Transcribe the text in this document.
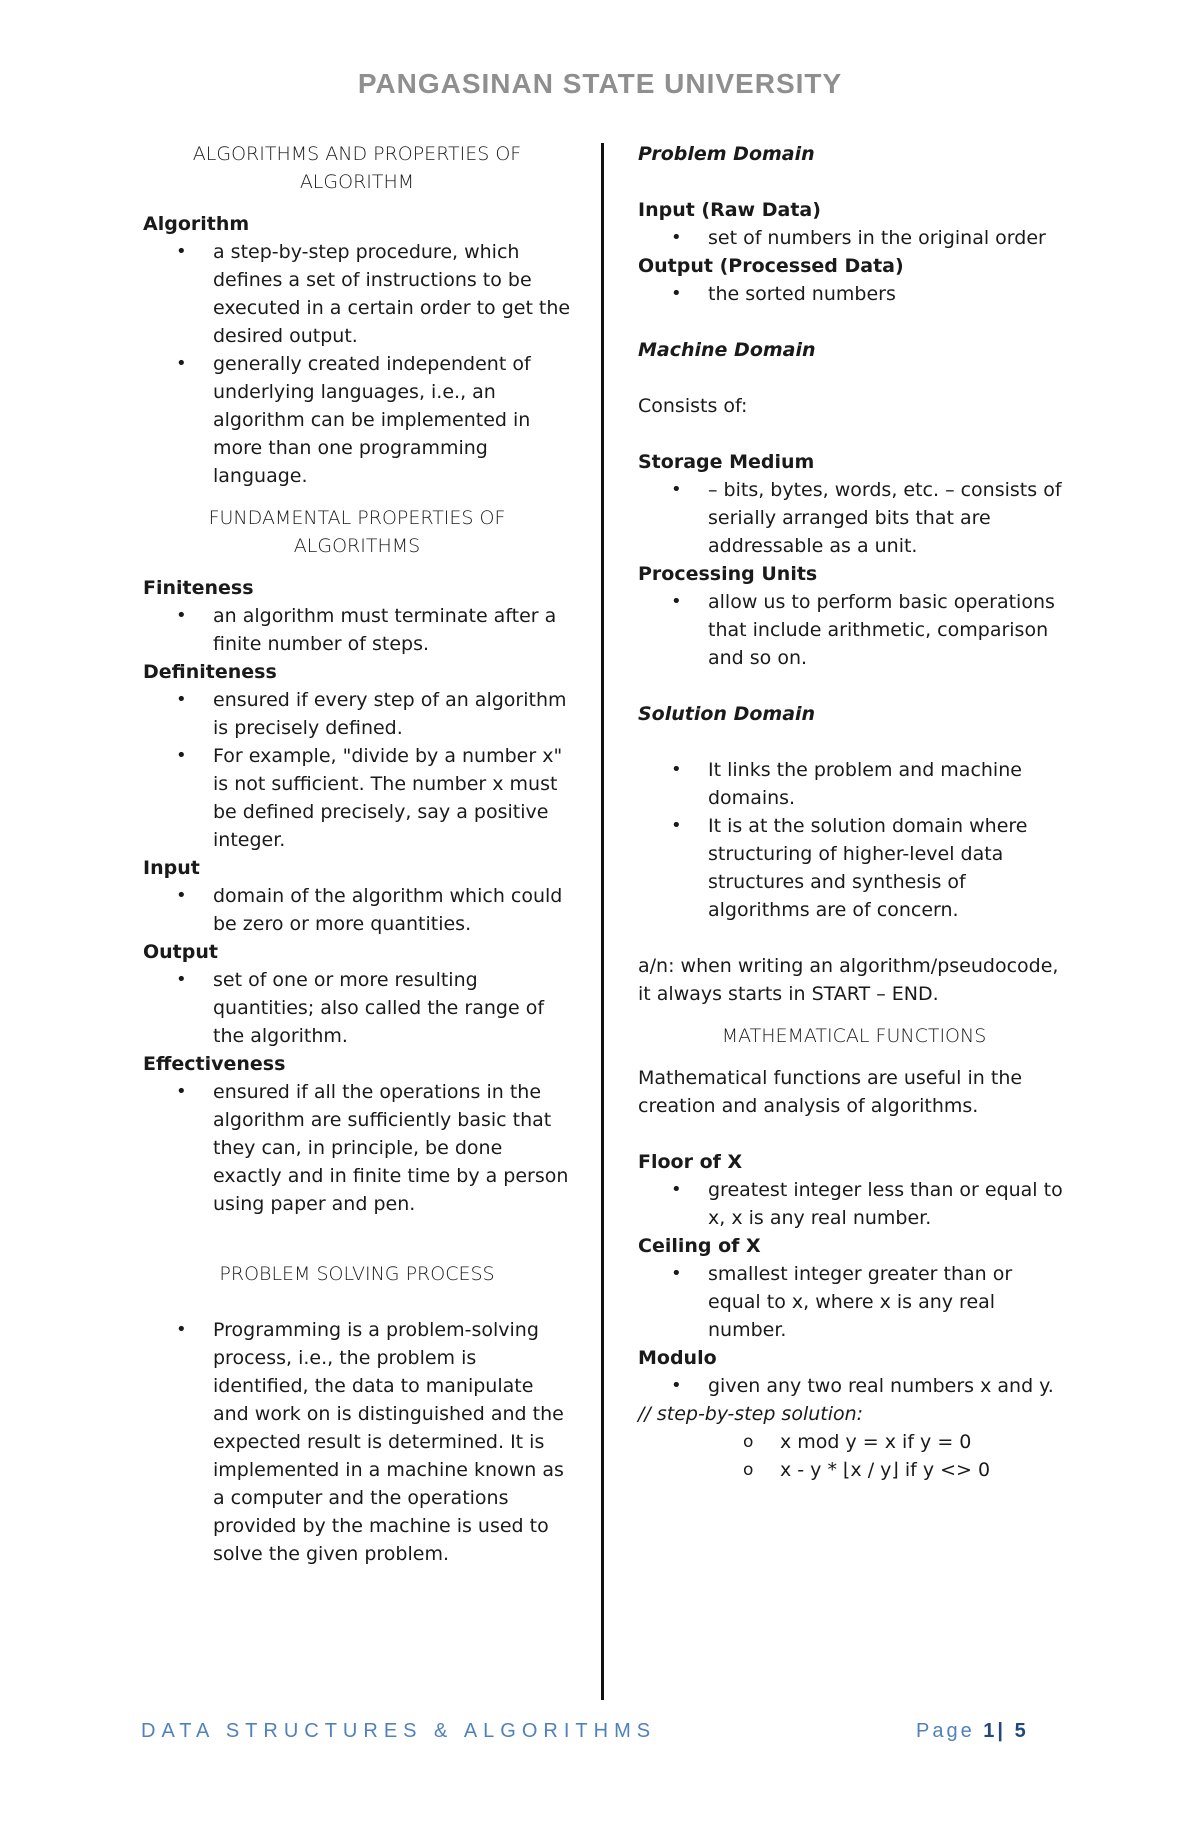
PANGASINAN STATE UNIVERSITY

ALGORITHMS AND PROPERTIES OF

ALGORITHM

Algorithm

• a step-by-step procedure, which defines a set of instructions to be executed in a certain order to get the desired output.
• generally created independent of underlying languages, i.e., an algorithm can be implemented in more than one programming language.

FUNDAMENTAL PROPERTIES OF

ALGORITHMS

Finiteness

• an algorithm must terminate after a finite number of steps.

Definiteness

• ensured if every step of an algorithm is precisely defined.
• For example, "divide by a number x" is not sufficient. The number x must be defined precisely, say a positive integer.

Input

• domain of the algorithm which could be zero or more quantities.

Output

• set of one or more resulting quantities; also called the range of the algorithm.

Effectiveness

• ensured if all the operations in the algorithm are sufficiently basic that they can, in principle, be done exactly and in finite time by a person using paper and pen.

PROBLEM SOLVING PROCESS

• Programming is a problem-solving process, i.e., the problem is identified, the data to manipulate and work on is distinguished and the expected result is determined. It is implemented in a machine known as a computer and the operations provided by the machine is used to solve the given problem.

Problem Domain

Input (Raw Data)

• set of numbers in the original order

Output (Processed Data)

• the sorted numbers

Machine Domain

Consists of:

Storage Medium

• – bits, bytes, words, etc. – consists of serially arranged bits that are addressable as a unit.

Processing Units

• allow us to perform basic operations that include arithmetic, comparison and so on.

Solution Domain

• It links the problem and machine domains.
• It is at the solution domain where structuring of higher-level data structures and synthesis of algorithms are of concern.

a/n: when writing an algorithm/pseudocode, it always starts in START – END.

MATHEMATICAL FUNCTIONS

Mathematical functions are useful in the creation and analysis of algorithms.

Floor of X

• greatest integer less than or equal to x, x is any real number.

Ceiling of X

• smallest integer greater than or equal to x, where x is any real number.

Modulo

• given any two real numbers x and y.

// step-by-step solution:

o x mod y = x if y = 0
o x - y * ⌊x / y⌋ if y <> 0
DATA STRUCTURES & ALGORITHMS	Page 1| 5
